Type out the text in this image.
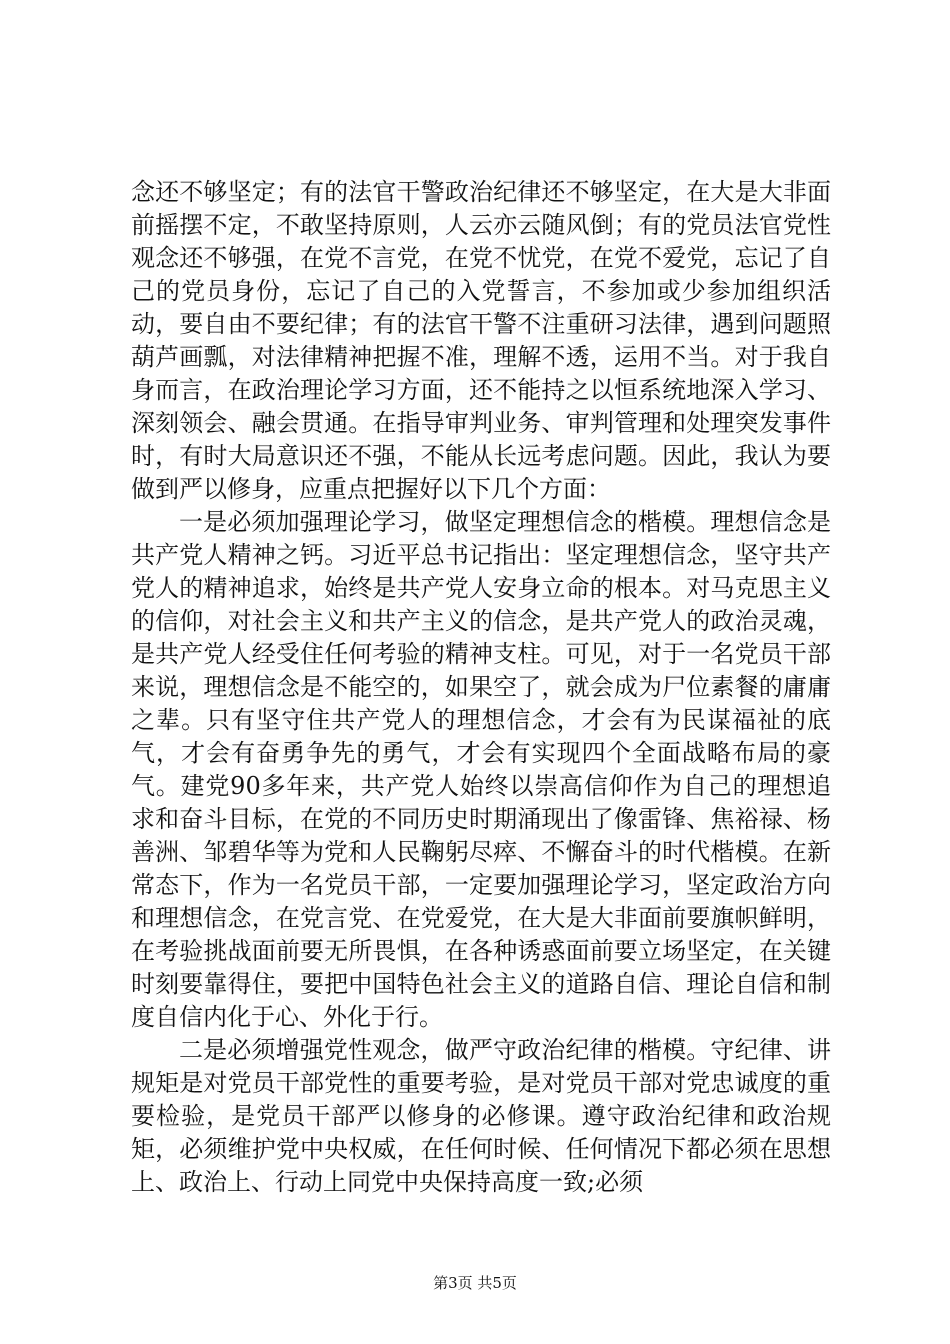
念还不够坚定；有的法官干警政治纪律还不够坚定，在大是大非面前摇摆不定，不敢坚持原则，人云亦云随风倒；有的党员法官党性观念还不够强，在党不言党，在党不忧党，在党不爱党，忘记了自己的党员身份，忘记了自己的入党誓言，不参加或少参加组织活动，要自由不要纪律；有的法官干警不注重研习法律，遇到问题照葫芦画瓢，对法律精神把握不准，理解不透，运用不当。对于我自身而言，在政治理论学习方面，还不能持之以恒系统地深入学习、深刻领会、融会贯通。在指导审判业务、审判管理和处理突发事件时，有时大局意识还不强，不能从长远考虑问题。因此，我认为要做到严以修身，应重点把握好以下几个方面：

一是必须加强理论学习，做坚定理想信念的楷模。理想信念是共产党人精神之钙。习近平总书记指出：坚定理想信念，坚守共产党人的精神追求，始终是共产党人安身立命的根本。对马克思主义的信仰，对社会主义和共产主义的信念，是共产党人的政治灵魂，是共产党人经受住任何考验的精神支柱。可见，对于一名党员干部来说，理想信念是不能空的，如果空了，就会成为尸位素餐的庸庸之辈。只有坚守住共产党人的理想信念，才会有为民谋福祉的底气，才会有奋勇争先的勇气，才会有实现四个全面战略布局的豪气。建党90多年来，共产党人始终以崇高信仰作为自己的理想追求和奋斗目标，在党的不同历史时期涌现出了像雷锋、焦裕禄、杨善洲、邹碧华等为党和人民鞠躬尽瘁、不懈奋斗的时代楷模。在新常态下，作为一名党员干部，一定要加强理论学习，坚定政治方向和理想信念，在党言党、在党爱党，在大是大非面前要旗帜鲜明，在考验挑战面前要无所畏惧，在各种诱惑面前要立场坚定，在关键时刻要靠得住，要把中国特色社会主义的道路自信、理论自信和制度自信内化于心、外化于行。

二是必须增强党性观念，做严守政治纪律的楷模。守纪律、讲规矩是对党员干部党性的重要考验，是对党员干部对党忠诚度的重要检验，是党员干部严以修身的必修课。遵守政治纪律和政治规矩，必须维护党中央权威，在任何时候、任何情况下都必须在思想上、政治上、行动上同党中央保持高度一致;必须

第3页 共5页
